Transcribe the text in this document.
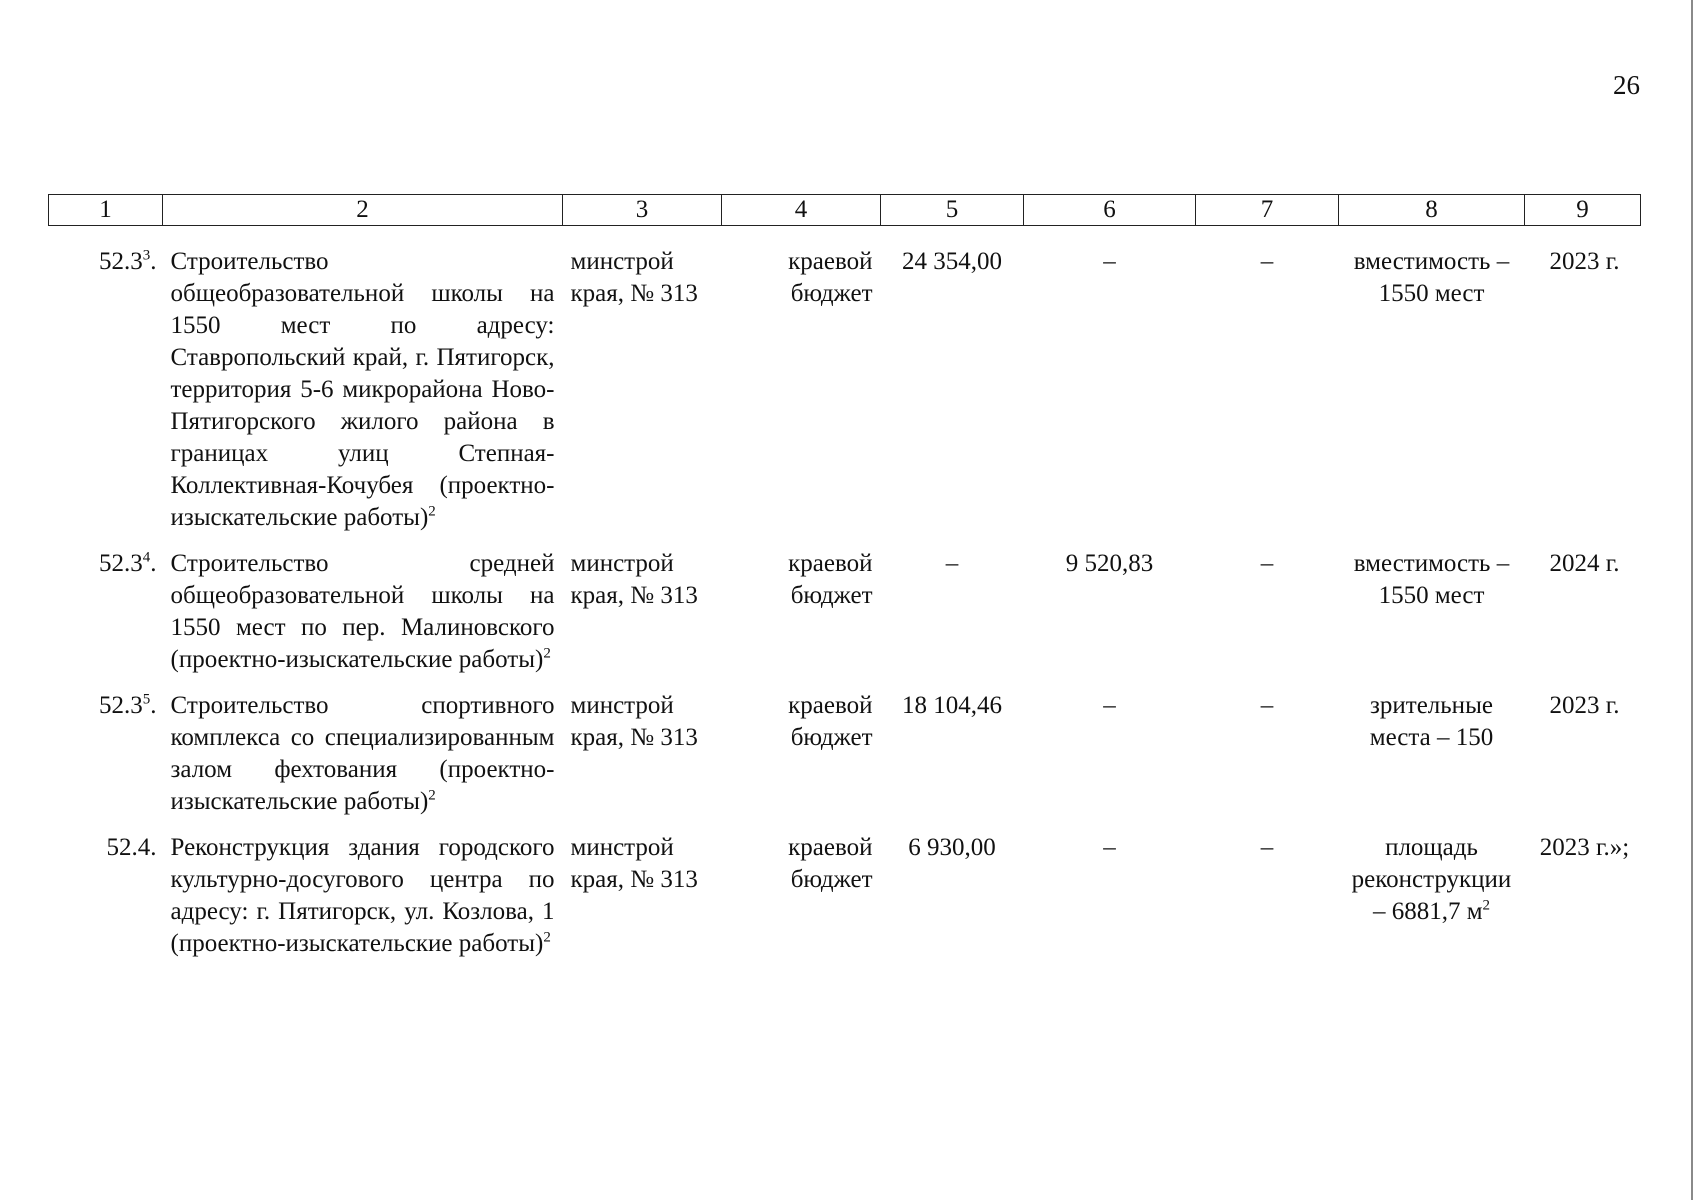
26
1	2	3	4	5	6	7	8	9
52.3$^3$.	Строительство общеобразовательной школы на 1550 мест по адресу: Ставропольский край, г. Пятигорск, территория 5-6 микрорайона Ново-Пятигорского жилого района в границах улиц Степная-Коллективная-Кочубея (проектно-изыскательские работы)$^2$	минстрой края, № 313	краевой бюджет	24 354,00	–	–	вместимость – 1550 мест	2023 г.
52.3$^4$.	Строительство средней общеобразовательной школы на 1550 мест по пер. Малиновского (проектно-изыскательские работы)$^2$	минстрой края, № 313	краевой бюджет	–	9 520,83	–	вместимость – 1550 мест	2024 г.
52.3$^5$.	Строительство спортивного комплекса со специализированным залом фехтования (проектно-изыскательские работы)$^2$	минстрой края, № 313	краевой бюджет	18 104,46	–	–	зрительные места – 150	2023 г.
52.4.	Реконструкция здания городского культурно-досугового центра по адресу: г. Пятигорск, ул. Козлова, 1 (проектно-изыскательские работы)$^2$	минстрой края, № 313	краевой бюджет	6 930,00	–	–	площадь реконструкции – 6881,7 $м^2$	2023 г.»;
